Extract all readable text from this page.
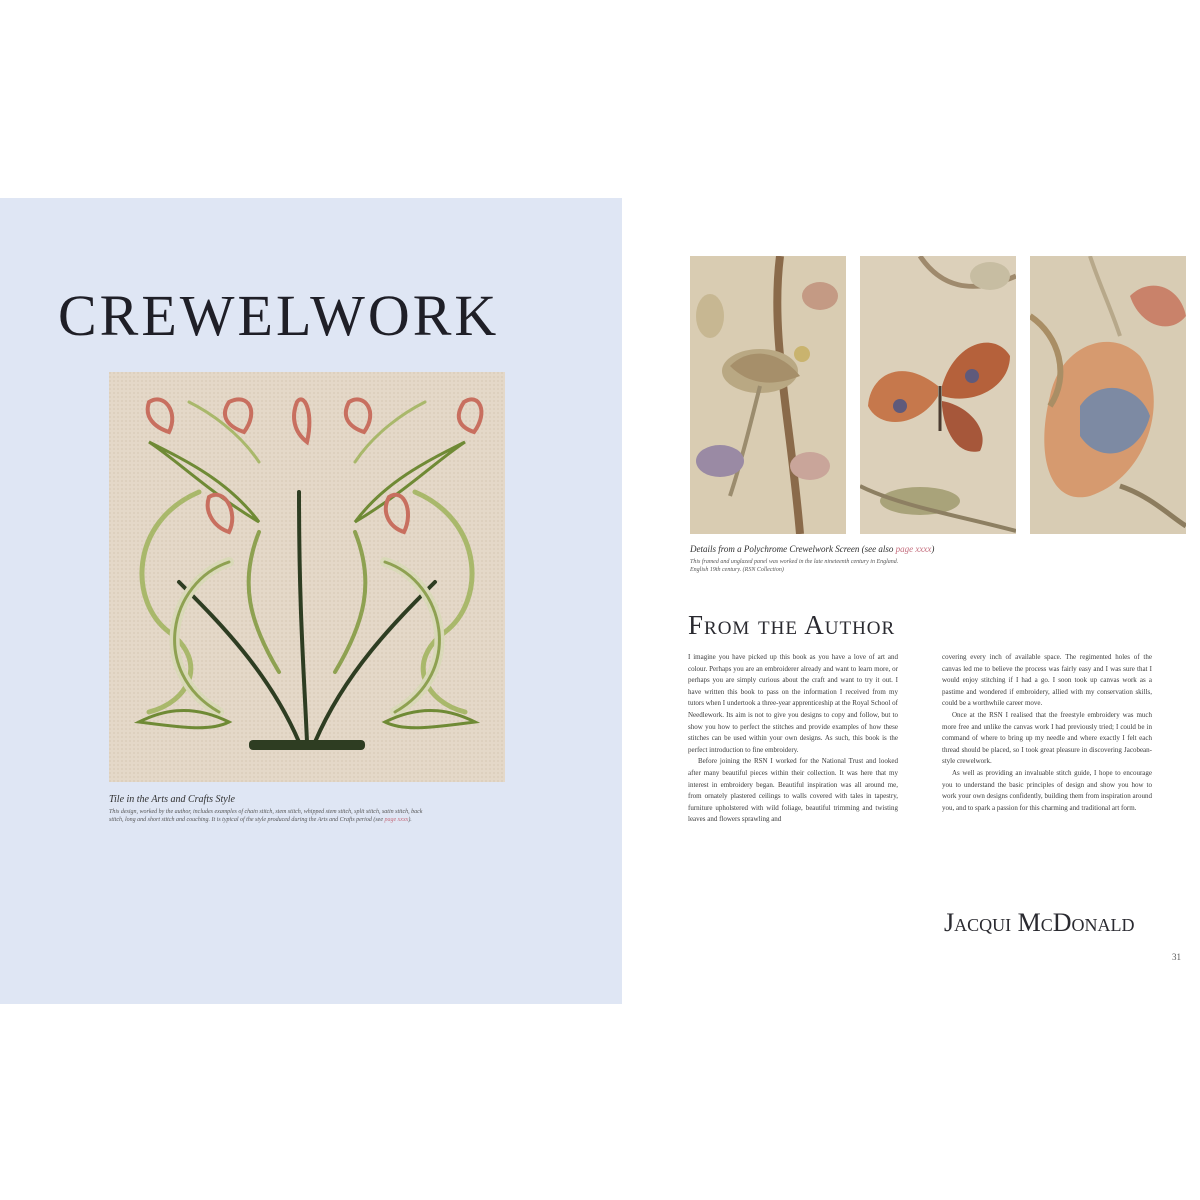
CREWELWORK
Tile in the Arts and Crafts Style
This design, worked by the author, includes examples of chain stitch, stem stitch, whipped stem stitch, split stitch, satin stitch, back stitch, long and short stitch and couching. It is typical of the style produced during the Arts and Crafts period (see page xxxx).
Details from a Polychrome Crewelwork Screen (see also page xxxx)
This framed and unglazed panel was worked in the late nineteenth century in England.
English 19th century. (RSN Collection)
From the Author

I imagine you have picked up this book as you have a love of art and colour. Perhaps you are an embroiderer already and want to learn more, or perhaps you are simply curious about the craft and want to try it out. I have written this book to pass on the information I received from my tutors when I undertook a three-year apprenticeship at the Royal School of Needlework. Its aim is not to give you designs to copy and follow, but to show you how to perfect the stitches and provide examples of how these stitches can be used within your own designs. As such, this book is the perfect introduction to fine embroidery.

Before joining the RSN I worked for the National Trust and looked after many beautiful pieces within their collection. It was here that my interest in embroidery began. Beautiful inspiration was all around me, from ornately plastered ceilings to walls covered with tales in tapestry, furniture upholstered with wild foliage, beautiful trimming and twisting leaves and flowers sprawling and

covering every inch of available space. The regimented holes of the canvas led me to believe the process was fairly easy and I was sure that I would enjoy stitching if I had a go. I soon took up canvas work as a pastime and wondered if embroidery, allied with my conservation skills, could be a worthwhile career move.

Once at the RSN I realised that the freestyle embroidery was much more free and unlike the canvas work I had previously tried; I could be in command of where to bring up my needle and where exactly I felt each thread should be placed, so I took great pleasure in discovering Jacobean-style crewelwork.

As well as providing an invaluable stitch guide, I hope to encourage you to understand the basic principles of design and show you how to work your own designs confidently, building them from inspiration around you, and to spark a passion for this charming and traditional art form.

Jacqui McDonald
31
